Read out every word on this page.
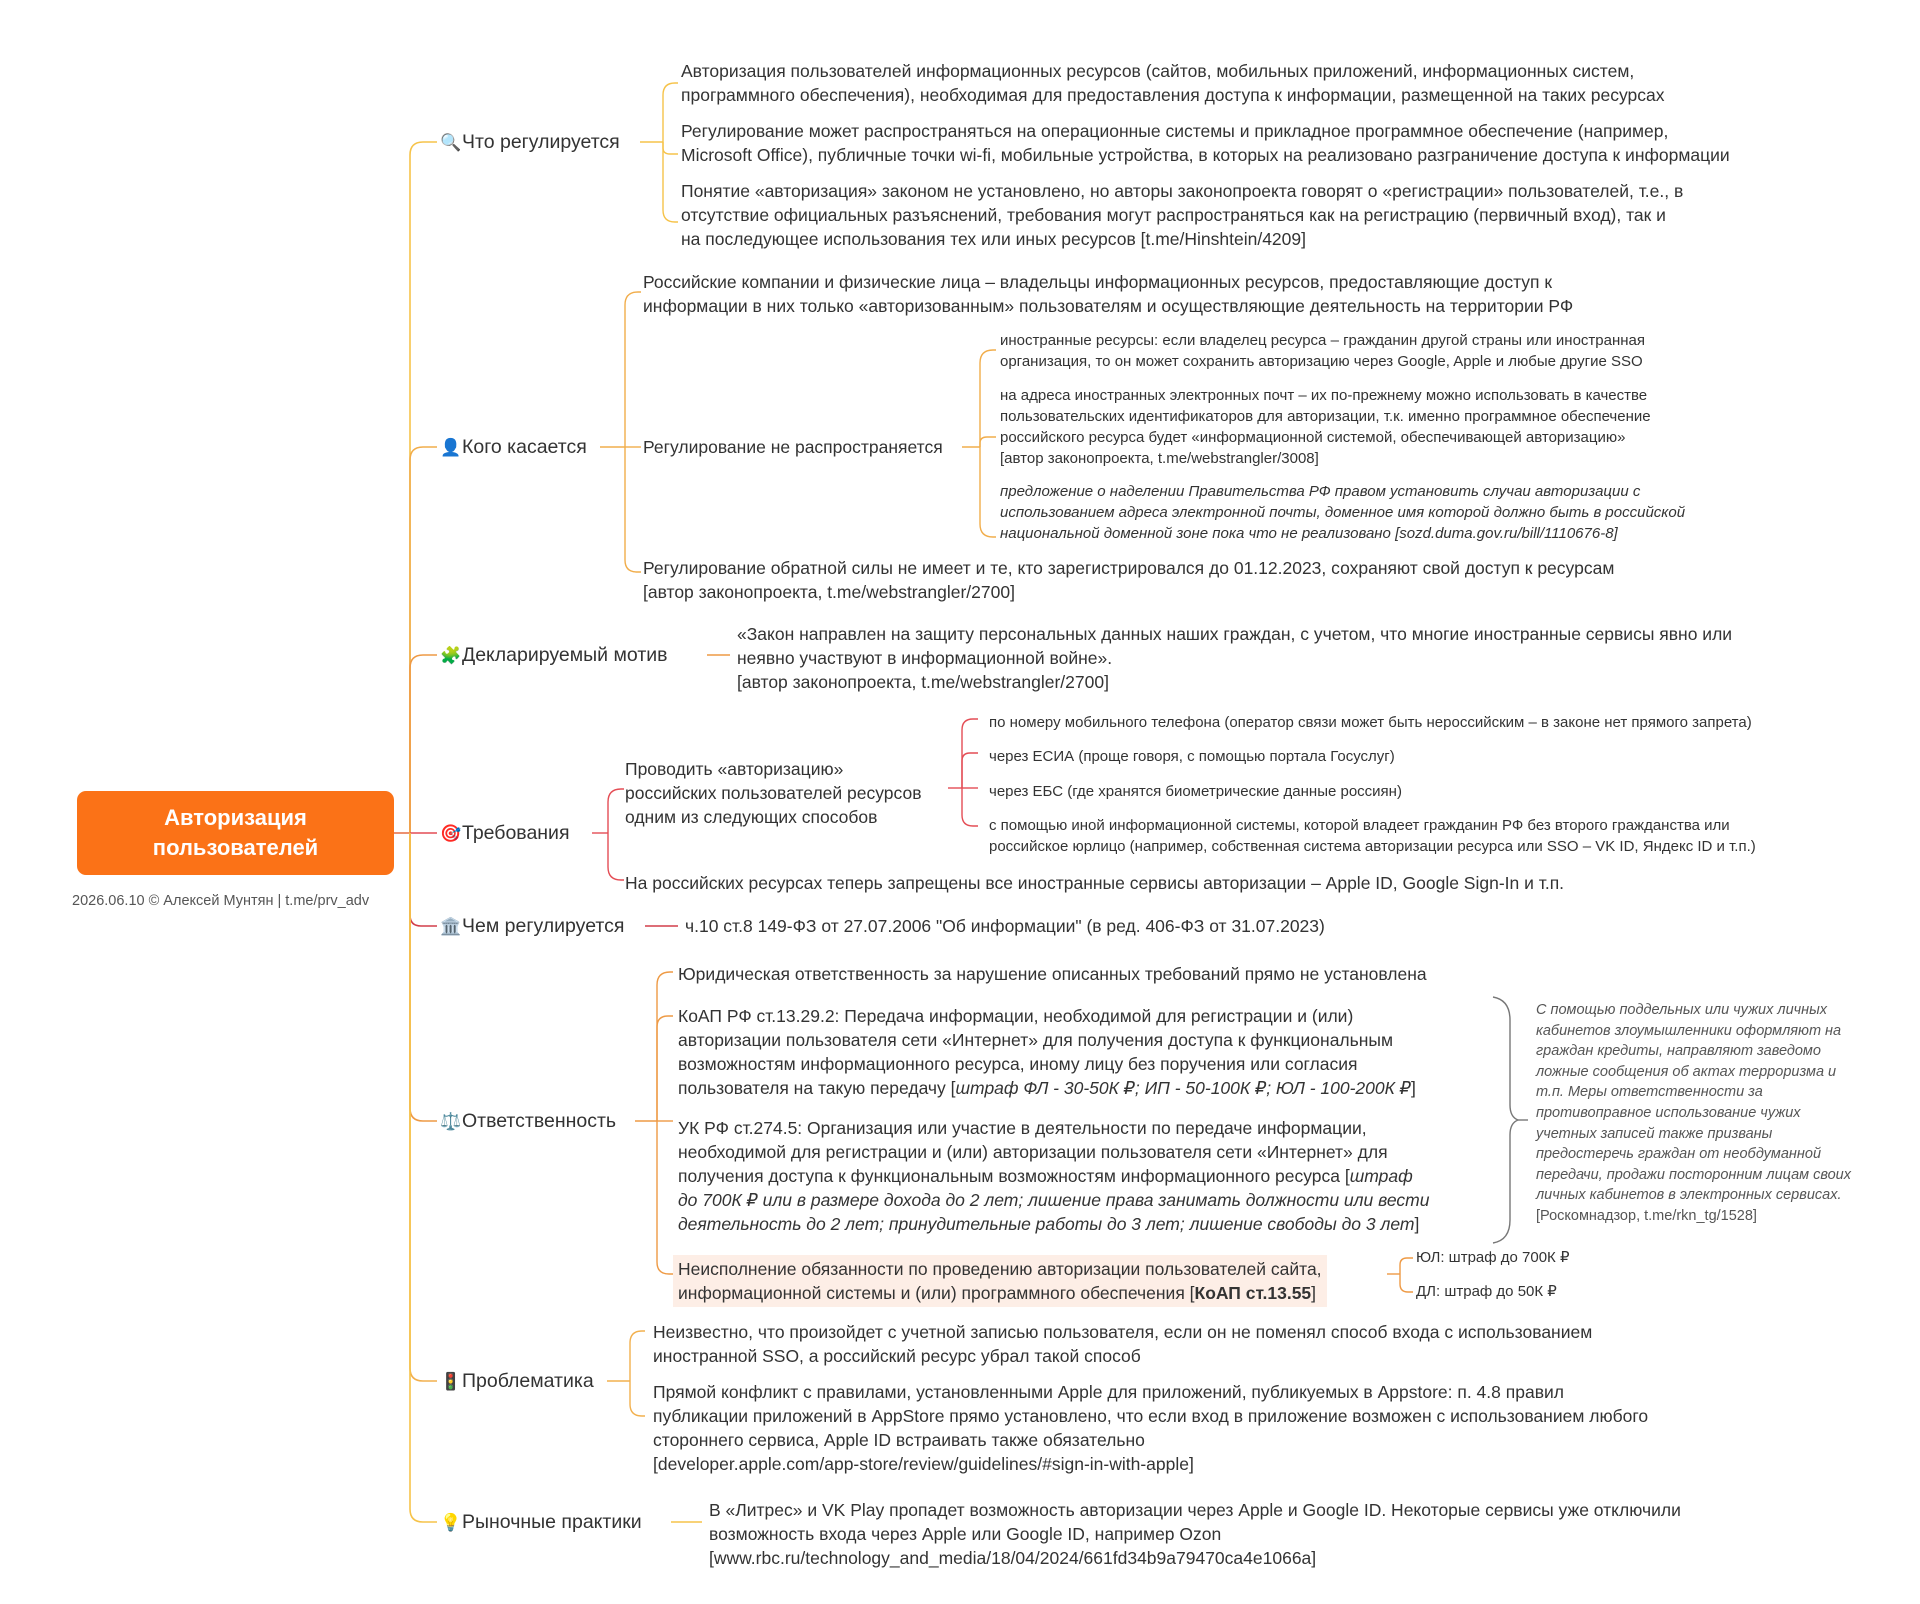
Авторизация
пользователей
2026.06.10 © Алексей Мунтян | t.me/prv_adv
🔍Что регулируется
👤Кого касается
🧩Декларируемый мотив
🎯Требования
🏛️Чем регулируется
⚖️Ответственность
🚦Проблематика
💡Рыночные практики
Авторизация пользователей информационных ресурсов (сайтов, мобильных приложений, информационных систем,
программного обеспечения), необходимая для предоставления доступа к информации, размещенной на таких ресурсах
Регулирование может распространяться на операционные системы и прикладное программное обеспечение (например,
Microsoft Office), публичные точки wi-fi, мобильные устройства, в которых на реализовано разграничение доступа к информации
Понятие «авторизация» законом не установлено, но авторы законопроекта говорят о «регистрации» пользователей, т.е., в
отсутствие официальных разъяснений, требования могут распространяться как на регистрацию (первичный вход), так и
на последующее использования тех или иных ресурсов [t.me/Hinshtein/4209]
Российские компании и физические лица – владельцы информационных ресурсов, предоставляющие доступ к
информации в них только «авторизованным» пользователям и осуществляющие деятельность на территории РФ
Регулирование не распространяется
Регулирование обратной силы не имеет и те, кто зарегистрировался до 01.12.2023, сохраняют свой доступ к ресурсам
[автор законопроекта, t.me/webstrangler/2700]
иностранные ресурсы: если владелец ресурса – гражданин другой страны или иностранная
организация, то он может сохранить авторизацию через Google, Apple и любые другие SSO
на адреса иностранных электронных почт – их по-прежнему можно использовать в качестве
пользовательских идентификаторов для авторизации, т.к. именно программное обеспечение
российского ресурса будет «информационной системой, обеспечивающей авторизацию»
[автор законопроекта, t.me/webstrangler/3008]
предложение о наделении Правительства РФ правом установить случаи авторизации с
использованием адреса электронной почты, доменное имя которой должно быть в российской
национальной доменной зоне пока что не реализовано [sozd.duma.gov.ru/bill/1110676-8]
«Закон направлен на защиту персональных данных наших граждан, с учетом, что многие иностранные сервисы явно или
неявно участвуют в информационной войне».
[автор законопроекта, t.me/webstrangler/2700]
Проводить «авторизацию»
российских пользователей ресурсов
одним из следующих способов
На российских ресурсах теперь запрещены все иностранные сервисы авторизации – Apple ID, Google Sign-In и т.п.
по номеру мобильного телефона (оператор связи может быть нероссийским – в законе нет прямого запрета)
через ЕСИА (проще говоря, с помощью портала Госуслуг)
через ЕБС (где хранятся биометрические данные россиян)
с помощью иной информационной системы, которой владеет гражданин РФ без второго гражданства или
российское юрлицо (например, собственная система авторизации ресурса или SSO – VK ID, Яндекс ID и т.п.)
ч.10 ст.8 149-ФЗ от 27.07.2006 "Об информации" (в ред. 406-ФЗ от 31.07.2023)
Юридическая ответственность за нарушение описанных требований прямо не установлена
КоАП РФ ст.13.29.2: Передача информации, необходимой для регистрации и (или)
авторизации пользователя сети «Интернет» для получения доступа к функциональным
возможностям информационного ресурса, иному лицу без поручения или согласия
пользователя на такую передачу [штраф ФЛ - 30-50К ₽; ИП - 50-100К ₽; ЮЛ - 100-200К ₽]
УК РФ ст.274.5: Организация или участие в деятельности по передаче информации,
необходимой для регистрации и (или) авторизации пользователя сети «Интернет» для
получения доступа к функциональным возможностям информационного ресурса [штраф
до 700К ₽ или в размере дохода до 2 лет; лишение права занимать должности или вести
деятельность до 2 лет; принудительные работы до 3 лет; лишение свободы до 3 лет]
Неисполнение обязанности по проведению авторизации пользователей сайта,
информационной системы и (или) программного обеспечения [КоАП ст.13.55]
ЮЛ: штраф до 700К ₽
ДЛ: штраф до 50К ₽
С помощью поддельных или чужих личных
кабинетов злоумышленники оформляют на
граждан кредиты, направляют заведомо
ложные сообщения об актах терроризма и
т.п. Меры ответственности за
противоправное использование чужих
учетных записей также призваны
предостеречь граждан от необдуманной
передачи, продажи посторонним лицам своих
личных кабинетов в электронных сервисах.
[Роскомнадзор, t.me/rkn_tg/1528]
Неизвестно, что произойдет с учетной записью пользователя, если он не поменял способ входа с использованием
иностранной SSO, а российский ресурс убрал такой способ
Прямой конфликт с правилами, установленными Apple для приложений, публикуемых в Appstore: п. 4.8 правил
публикации приложений в AppStore прямо установлено, что если вход в приложение возможен с использованием любого
стороннего сервиса, Apple ID встраивать также обязательно
[developer.apple.com/app-store/review/guidelines/#sign-in-with-apple]
В «Литрес» и VK Play пропадет возможность авторизации через Apple и Google ID. Некоторые сервисы уже отключили
возможность входа через Apple или Google ID, например Ozon
[www.rbc.ru/technology_and_media/18/04/2024/661fd34b9a79470ca4e1066a]
